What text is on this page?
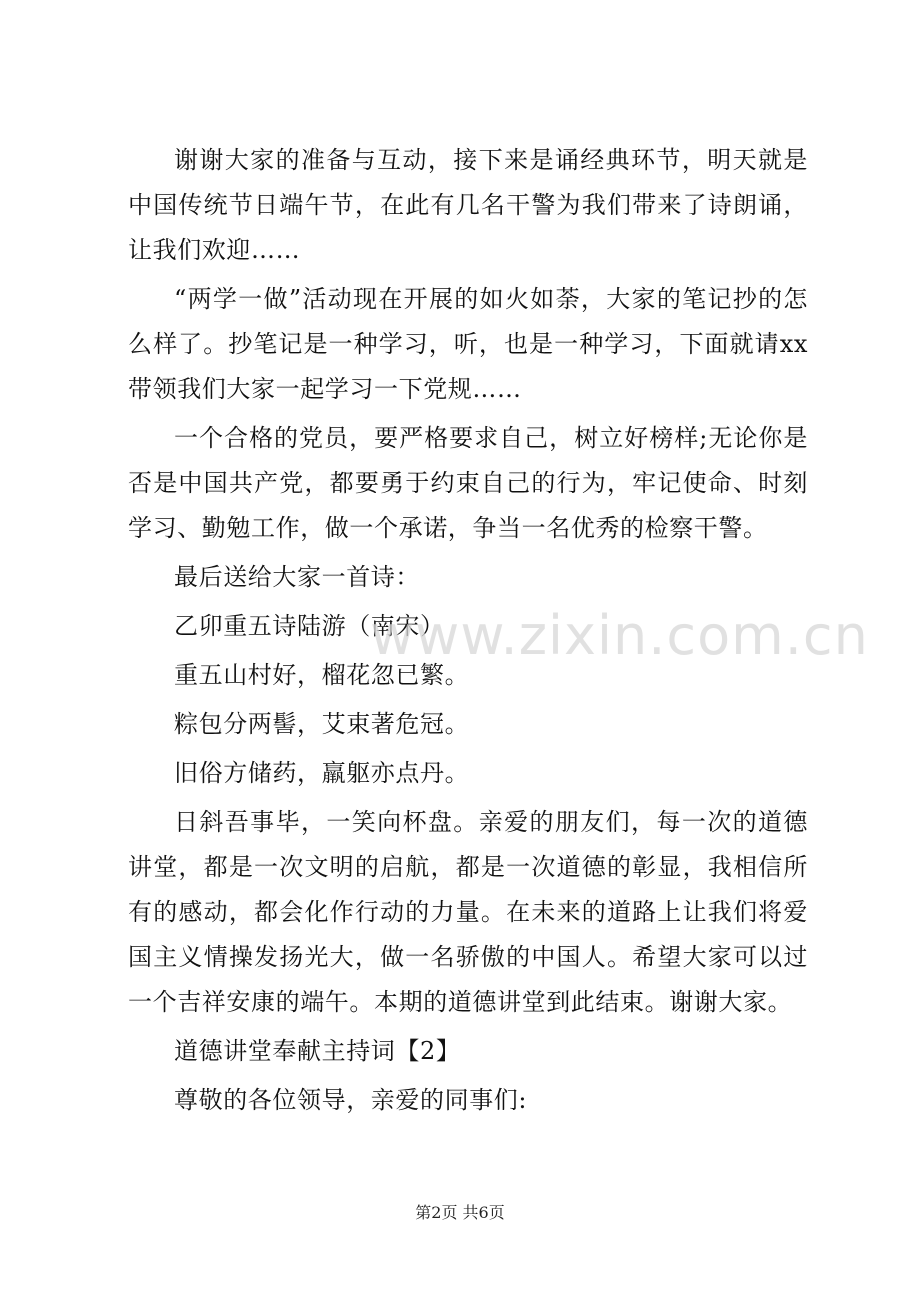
谢谢大家的准备与互动，接下来是诵经典环节，明天就是中国传统节日端午节，在此有几名干警为我们带来了诗朗诵，让我们欢迎……

“两学一做”活动现在开展的如火如荼，大家的笔记抄的怎么样了。抄笔记是一种学习，听，也是一种学习，下面就请xx带领我们大家一起学习一下党规……

一个合格的党员，要严格要求自己，树立好榜样;无论你是否是中国共产党，都要勇于约束自己的行为，牢记使命、时刻学习、勤勉工作，做一个承诺，争当一名优秀的检察干警。

最后送给大家一首诗：

乙卯重五诗陆游（南宋）

重五山村好，榴花忽已繁。

粽包分两髻，艾束著危冠。

旧俗方储药，羸躯亦点丹。

日斜吾事毕，一笑向杯盘。亲爱的朋友们，每一次的道德讲堂，都是一次文明的启航，都是一次道德的彰显，我相信所有的感动，都会化作行动的力量。在未来的道路上让我们将爱国主义情操发扬光大，做一名骄傲的中国人。希望大家可以过一个吉祥安康的端午。本期的道德讲堂到此结束。谢谢大家。

道德讲堂奉献主持词【2】

尊敬的各位领导，亲爱的同事们:

www.zixin.com.cn
第2页 共6页
